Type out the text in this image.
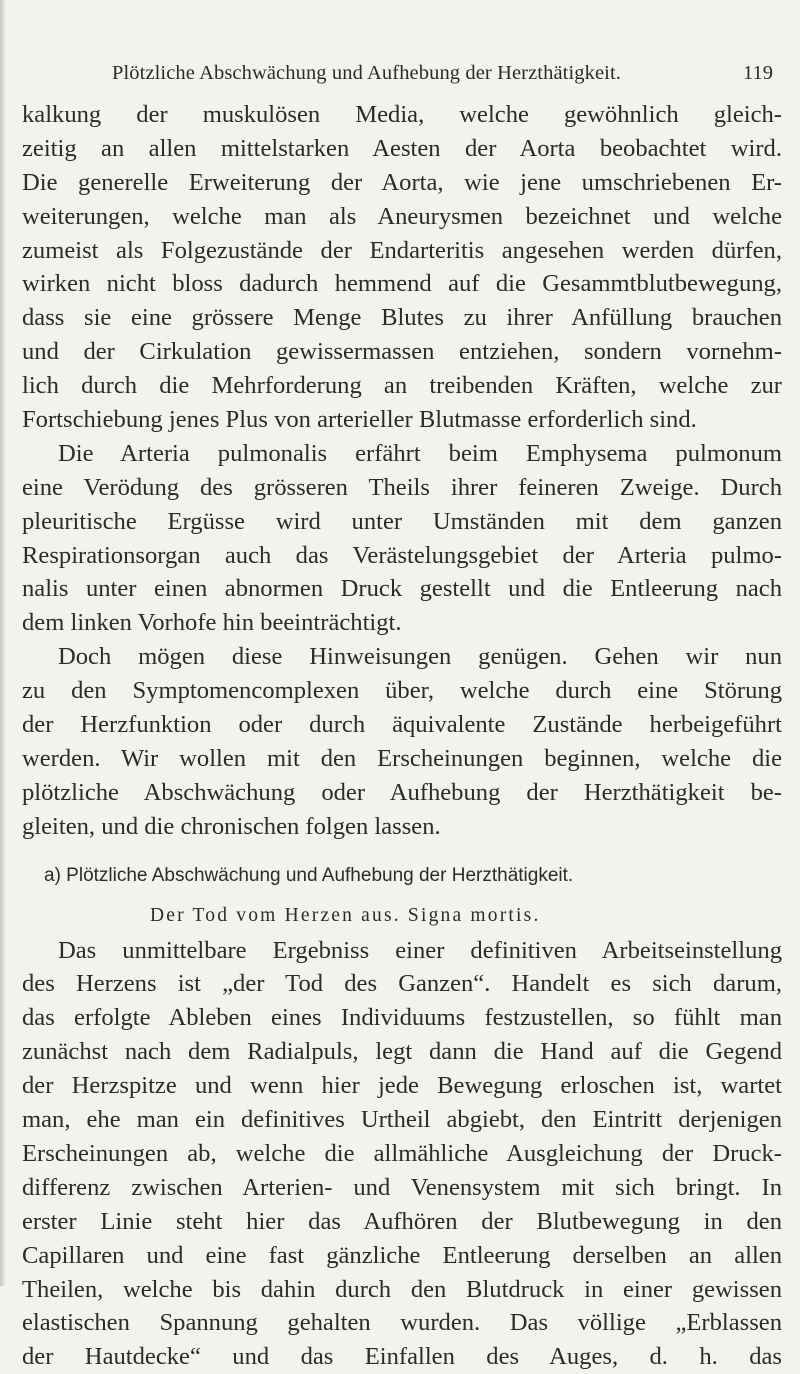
Plötzliche Abschwächung und Aufhebung der Herzthätigkeit.	119
kalkung der muskulösen Media, welche gewöhnlich gleich-
zeitig an allen mittelstarken Aesten der Aorta beobachtet wird.
Die generelle Erweiterung der Aorta, wie jene umschriebenen Er-
weiterungen, welche man als Aneurysmen bezeichnet und welche
zumeist als Folgezustände der Endarteritis angesehen werden dürfen,
wirken nicht bloss dadurch hemmend auf die Gesammtblutbewegung,
dass sie eine grössere Menge Blutes zu ihrer Anfüllung brauchen
und der Cirkulation gewissermassen entziehen, sondern vornehm-
lich durch die Mehrforderung an treibenden Kräften, welche zur
Fortschiebung jenes Plus von arterieller Blutmasse erforderlich sind.
Die Arteria pulmonalis erfährt beim Emphysema pulmonum
eine Verödung des grösseren Theils ihrer feineren Zweige. Durch
pleuritische Ergüsse wird unter Umständen mit dem ganzen
Respirationsorgan auch das Verästelungsgebiet der Arteria pulmo-
nalis unter einen abnormen Druck gestellt und die Entleerung nach
dem linken Vorhofe hin beeinträchtigt.
Doch mögen diese Hinweisungen genügen. Gehen wir nun
zu den Symptomencomplexen über, welche durch eine Störung
der Herzfunktion oder durch äquivalente Zustände herbeigeführt
werden. Wir wollen mit den Erscheinungen beginnen, welche die
plötzliche Abschwächung oder Aufhebung der Herzthätigkeit be-
gleiten, und die chronischen folgen lassen.
a) Plötzliche Abschwächung und Aufhebung der Herzthätigkeit.
Der Tod vom Herzen aus. Signa mortis.
Das unmittelbare Ergebniss einer definitiven Arbeitseinstellung
des Herzens ist „der Tod des Ganzen“. Handelt es sich darum,
das erfolgte Ableben eines Individuums festzustellen, so fühlt man
zunächst nach dem Radialpuls, legt dann die Hand auf die Gegend
der Herzspitze und wenn hier jede Bewegung erloschen ist, wartet
man, ehe man ein definitives Urtheil abgiebt, den Eintritt derjenigen
Erscheinungen ab, welche die allmähliche Ausgleichung der Druck-
differenz zwischen Arterien- und Venensystem mit sich bringt. In
erster Linie steht hier das Aufhören der Blutbewegung in den
Capillaren und eine fast gänzliche Entleerung derselben an allen
Theilen, welche bis dahin durch den Blutdruck in einer gewissen
elastischen Spannung gehalten wurden. Das völlige „Erblassen
der Hautdecke“ und das Einfallen des Auges, d. h. das
